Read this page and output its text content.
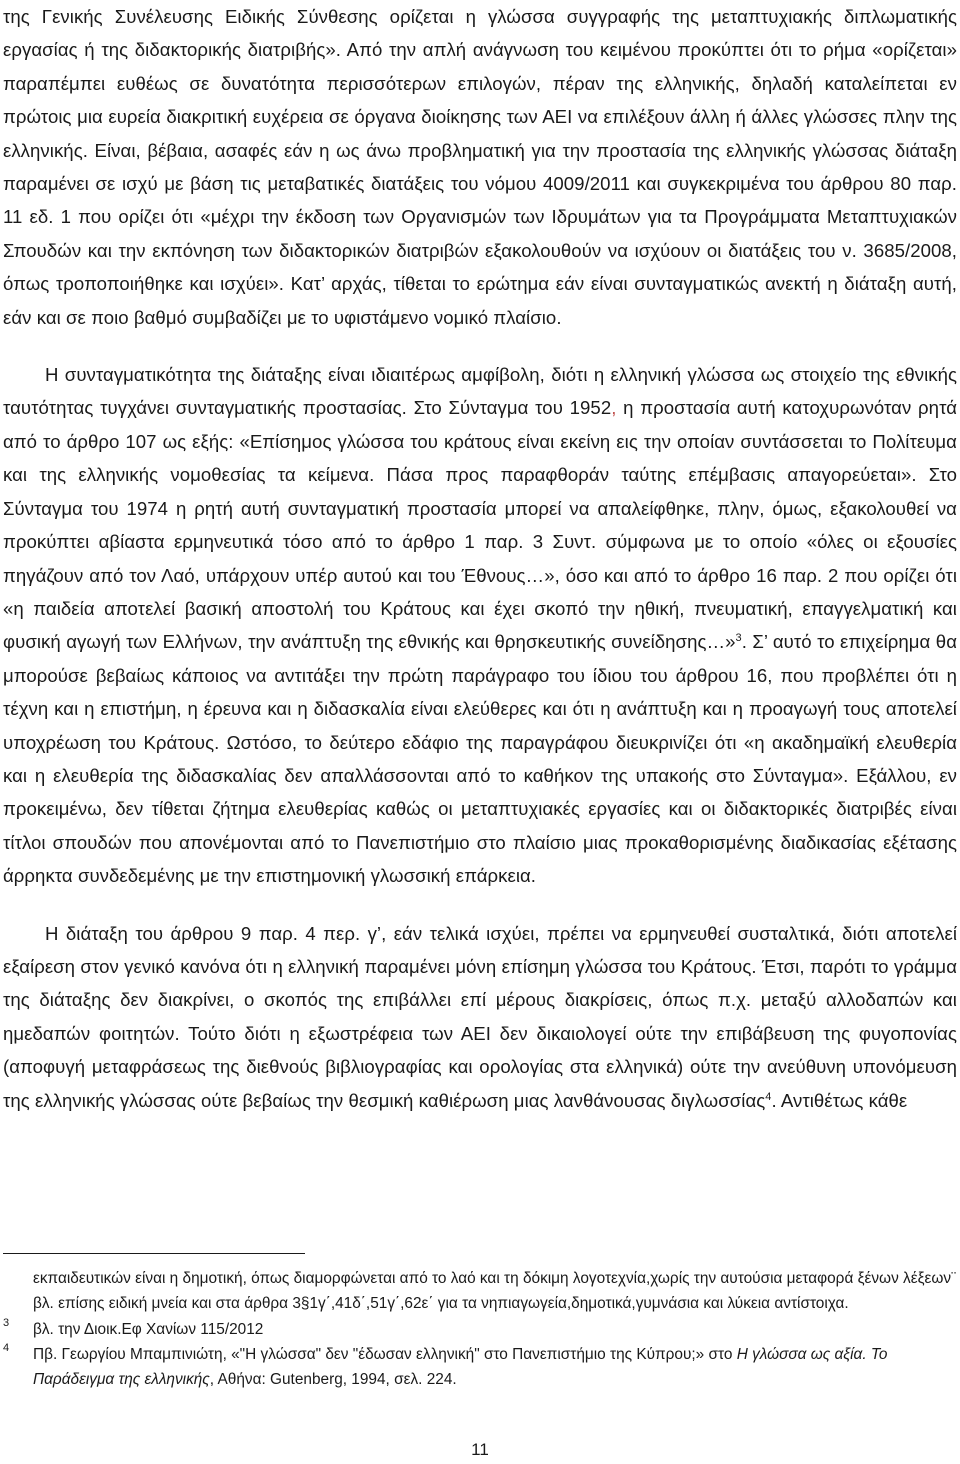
της Γενικής Συνέλευσης Ειδικής Σύνθεσης ορίζεται η γλώσσα συγγραφής της μεταπτυχιακής διπλωματικής εργασίας ή της διδακτορικής διατριβής». Από την απλή ανάγνωση του κειμένου προκύπτει ότι το ρήμα «ορίζεται» παραπέμπει ευθέως σε δυνατότητα περισσότερων επιλογών, πέραν της ελληνικής, δηλαδή καταλείπεται εν πρώτοις μια ευρεία διακριτική ευχέρεια σε όργανα διοίκησης των ΑΕΙ να επιλέξουν άλλη ή άλλες γλώσσες πλην της ελληνικής. Είναι, βέβαια, ασαφές εάν η ως άνω προβληματική για την προστασία της ελληνικής γλώσσας διάταξη παραμένει σε ισχύ με βάση τις μεταβατικές διατάξεις του νόμου 4009/2011 και συγκεκριμένα του άρθρου 80 παρ. 11 εδ. 1 που ορίζει ότι «μέχρι την έκδοση των Οργανισμών των Ιδρυμάτων για τα Προγράμματα Μεταπτυχιακών Σπουδών και την εκπόνηση των διδακτορικών διατριβών εξακολουθούν να ισχύουν οι διατάξεις του ν. 3685/2008, όπως τροποποιήθηκε και ισχύει». Κατ’ αρχάς, τίθεται το ερώτημα εάν είναι συνταγματικώς ανεκτή η διάταξη αυτή, εάν και σε ποιο βαθμό συμβαδίζει με το υφιστάμενο νομικό πλαίσιο.

Η συνταγματικότητα της διάταξης είναι ιδιαιτέρως αμφίβολη, διότι η ελληνική γλώσσα ως στοιχείο της εθνικής ταυτότητας τυγχάνει συνταγματικής προστασίας. Στο Σύνταγμα του 1952, η προστασία αυτή κατοχυρωνόταν ρητά από το άρθρο 107 ως εξής: «Επίσημος γλώσσα του κράτους είναι εκείνη εις την οποίαν συντάσσεται το Πολίτευμα και της ελληνικής νομοθεσίας τα κείμενα. Πάσα προς παραφθοράν ταύτης επέμβασις απαγορεύεται». Στο Σύνταγμα του 1974 η ρητή αυτή συνταγματική προστασία μπορεί να απαλείφθηκε, πλην, όμως, εξακολουθεί να προκύπτει αβίαστα ερμηνευτικά τόσο από το άρθρο 1 παρ. 3 Συντ. σύμφωνα με το οποίο «όλες οι εξουσίες πηγάζουν από τον Λαό, υπάρχουν υπέρ αυτού και του Έθνους…», όσο και από το άρθρο 16 παρ. 2 που ορίζει ότι «η παιδεία αποτελεί βασική αποστολή του Κράτους και έχει σκοπό την ηθική, πνευματική, επαγγελματική και φυσική αγωγή των Ελλήνων, την ανάπτυξη της εθνικής και θρησκευτικής συνείδησης…»$^3$. Σ’ αυτό το επιχείρημα θα μπορούσε βεβαίως κάποιος να αντιτάξει την πρώτη παράγραφο του ίδιου του άρθρου 16, που προβλέπει ότι η τέχνη και η επιστήμη, η έρευνα και η διδασκαλία είναι ελεύθερες και ότι η ανάπτυξη και η προαγωγή τους αποτελεί υποχρέωση του Κράτους. Ωστόσο, το δεύτερο εδάφιο της παραγράφου διευκρινίζει ότι «η ακαδημαϊκή ελευθερία και η ελευθερία της διδασκαλίας δεν απαλλάσσονται από το καθήκον της υπακοής στο Σύνταγμα». Εξάλλου, εν προκειμένω, δεν τίθεται ζήτημα ελευθερίας καθώς οι μεταπτυχιακές εργασίες και οι διδακτορικές διατριβές είναι τίτλοι σπουδών που απονέμονται από το Πανεπιστήμιο στο πλαίσιο μιας προκαθορισμένης διαδικασίας εξέτασης άρρηκτα συνδεδεμένης με την επιστημονική γλωσσική επάρκεια.

Η διάταξη του άρθρου 9 παρ. 4 περ. γ’, εάν τελικά ισχύει, πρέπει να ερμηνευθεί συσταλτικά, διότι αποτελεί εξαίρεση στον γενικό κανόνα ότι η ελληνική παραμένει μόνη επίσημη γλώσσα του Κράτους. Έτσι, παρότι το γράμμα της διάταξης δεν διακρίνει, ο σκοπός της επιβάλλει επί μέρους διακρίσεις, όπως π.χ. μεταξύ αλλοδαπών και ημεδαπών φοιτητών. Τούτο διότι η εξωστρέφεια των ΑΕΙ δεν δικαιολογεί ούτε την επιβάβευση της φυγοπονίας (αποφυγή μεταφράσεως της διεθνούς βιβλιογραφίας και ορολογίας στα ελληνικά) ούτε την ανεύθυνη υπονόμευση της ελληνικής γλώσσας ούτε βεβαίως την θεσμική καθιέρωση μιας λανθάνουσας διγλωσσίας$^4$. Αντιθέτως κάθε

εκπαιδευτικών είναι η δημοτική, όπως διαμορφώνεται από το λαό και τη δόκιμη λογοτεχνία,χωρίς την αυτούσια μεταφορά ξένων λέξεων¨ βλ. επίσης ειδική μνεία και στα άρθρα 3§1γ΄,41δ΄,51γ΄,62ε΄ για τα νηπιαγωγεία,δημοτικά,γυμνάσια και λύκεια αντίστοιχα.
3 βλ. την Διοικ.Εφ Χανίων 115/2012
4 Πβ. Γεωργίου Μπαμπινιώτη, «"Η γλώσσα" δεν "έδωσαν ελληνική" στο Πανεπιστήμιο της Κύπρου;» στο Η γλώσσα ως αξία. Το Παράδειγμα της ελληνικής, Αθήνα: Gutenberg, 1994, σελ. 224.
11
